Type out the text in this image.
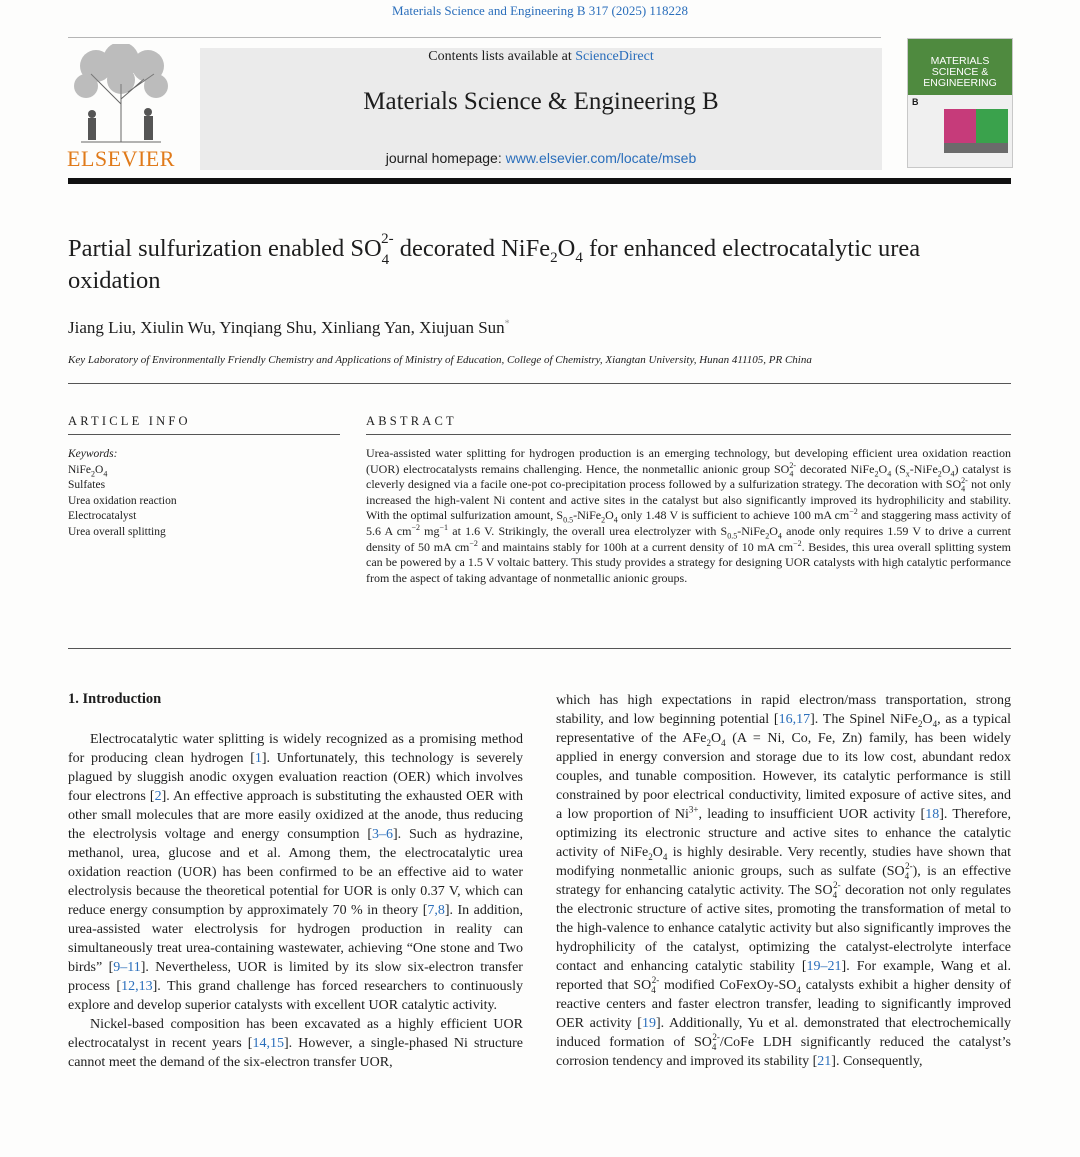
Materials Science and Engineering B 317 (2025) 118228
ELSEVIER
Contents lists available at ScienceDirect
Materials Science & Engineering B
journal homepage: www.elsevier.com/locate/mseb
MATERIALS
SCIENCE &
ENGINEERING
B
Partial sulfurization enabled $SO_4^{2-}$ decorated $NiFe_2O_4$ for enhanced electrocatalytic urea oxidation
Jiang Liu, Xiulin Wu, Yinqiang Shu, Xinliang Yan, Xiujuan Sun*
Key Laboratory of Environmentally Friendly Chemistry and Applications of Ministry of Education, College of Chemistry, Xiangtan University, Hunan 411105, PR China
ARTICLE INFO	ABSTRACT
Keywords:
$NiFe_2O_4$
Sulfates
Urea oxidation reaction
Electrocatalyst
Urea overall splitting
Urea-assisted water splitting for hydrogen production is an emerging technology, but developing efficient urea oxidation reaction (UOR) electrocatalysts remains challenging. Hence, the nonmetallic anionic group $SO_4^{2-}$ decorated $NiFe_2O_4$ $(S_x-NiFe_2O_4)$ catalyst is cleverly designed via a facile one-pot co-precipitation process followed by a sulfurization strategy. The decoration with $SO_4^{2-}$ not only increased the high-valent Ni content and active sites in the catalyst but also significantly improved its hydrophilicity and stability. With the optimal sulfurization amount, $S_{0.5}-NiFe_2O_4$ only 1.48 V is sufficient to achieve 100 mA $cm^{-2}$ and staggering mass activity of 5.6 A $cm^{-2}$ $mg^{-1}$ at 1.6 V. Strikingly, the overall urea electrolyzer with $S_{0.5}-NiFe_2O_4$ anode only requires 1.59 V to drive a current density of 50 mA $cm^{-2}$ and maintains stably for 100h at a current density of 10 mA $cm^{-2}$. Besides, this urea overall splitting system can be powered by a 1.5 V voltaic battery. This study provides a strategy for designing UOR catalysts with high catalytic performance from the aspect of taking advantage of nonmetallic anionic groups.
1. Introduction

Electrocatalytic water splitting is widely recognized as a promising method for producing clean hydrogen [1]. Unfortunately, this technology is severely plagued by sluggish anodic oxygen evaluation reaction (OER) which involves four electrons [2]. An effective approach is substituting the exhausted OER with other small molecules that are more easily oxidized at the anode, thus reducing the electrolysis voltage and energy consumption [3–6]. Such as hydrazine, methanol, urea, glucose and et al. Among them, the electrocatalytic urea oxidation reaction (UOR) has been confirmed to be an effective aid to water electrolysis because the theoretical potential for UOR is only 0.37 V, which can reduce energy consumption by approximately 70 % in theory [7,8]. In addition, urea-assisted water electrolysis for hydrogen production in reality can simultaneously treat urea-containing wastewater, achieving “One stone and Two birds” [9–11]. Nevertheless, UOR is limited by its slow six-electron transfer process [12,13]. This grand challenge has forced researchers to continuously explore and develop superior catalysts with excellent UOR catalytic activity.

Nickel-based composition has been excavated as a highly efficient UOR electrocatalyst in recent years [14,15]. However, a single-phased Ni structure cannot meet the demand of the six-electron transfer UOR,

which has high expectations in rapid electron/mass transportation, strong stability, and low beginning potential [16,17]. The Spinel $NiFe_2O_4$, as a typical representative of the $AFe_2O_4$ (A = Ni, Co, Fe, Zn) family, has been widely applied in energy conversion and storage due to its low cost, abundant redox couples, and tunable composition. However, its catalytic performance is still constrained by poor electrical conductivity, limited exposure of active sites, and a low proportion of $Ni^{3+}$, leading to insufficient UOR activity [18]. Therefore, optimizing its electronic structure and active sites to enhance the catalytic activity of $NiFe_2O_4$ is highly desirable. Very recently, studies have shown that modifying nonmetallic anionic groups, such as sulfate $(SO_4^{2-})$, is an effective strategy for enhancing catalytic activity. The $SO_4^{2-}$ decoration not only regulates the electronic structure of active sites, promoting the transformation of metal to the high-valence to enhance catalytic activity but also significantly improves the hydrophilicity of the catalyst, optimizing the catalyst-electrolyte interface contact and enhancing catalytic stability [19–21]. For example, Wang et al. reported that $SO_4^{2-}$ modified CoFexOy-$SO_4$ catalysts exhibit a higher density of reactive centers and faster electron transfer, leading to significantly improved OER activity [19]. Additionally, Yu et al. demonstrated that electrochemically induced formation of $SO_4^{2-}$/CoFe LDH significantly reduced the catalyst’s corrosion tendency and improved its stability [21]. Consequently,
